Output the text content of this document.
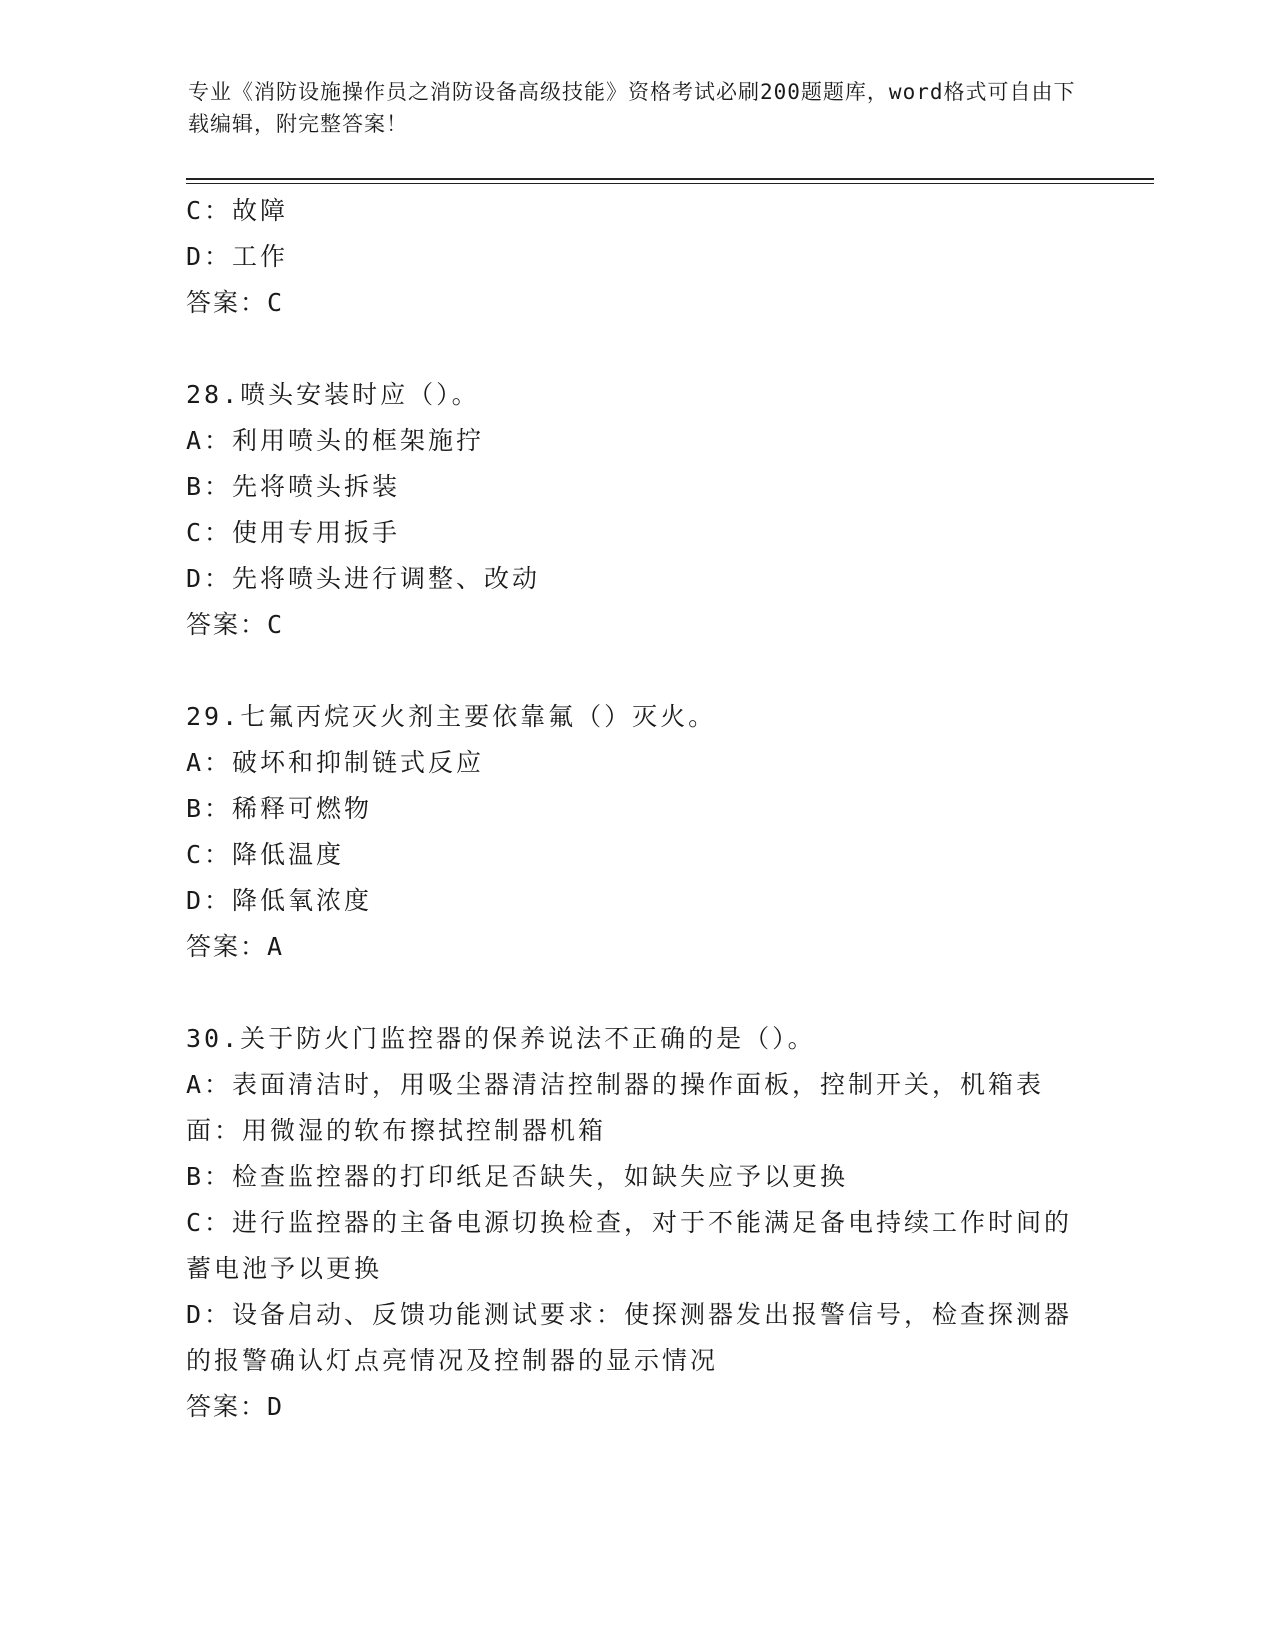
专业《消防设施操作员之消防设备高级技能》资格考试必刷200题题库，word格式可自由下载编辑，附完整答案！
C：故障
D：工作
答案：C
28.喷头安装时应（）。
A：利用喷头的框架施拧
B：先将喷头拆装
C：使用专用扳手
D：先将喷头进行调整、改动
答案：C
29.七氟丙烷灭火剂主要依靠氟（）灭火。
A：破坏和抑制链式反应
B：稀释可燃物
C：降低温度
D：降低氧浓度
答案：A
30.关于防火门监控器的保养说法不正确的是（）。
A：表面清洁时，用吸尘器清洁控制器的操作面板，控制开关，机箱表面：用微湿的软布擦拭控制器机箱
B：检查监控器的打印纸足否缺失，如缺失应予以更换
C：进行监控器的主备电源切换检查，对于不能满足备电持续工作时间的蓄电池予以更换
D：设备启动、反馈功能测试要求：使探测器发出报警信号，检查探测器的报警确认灯点亮情况及控制器的显示情况
答案：D
